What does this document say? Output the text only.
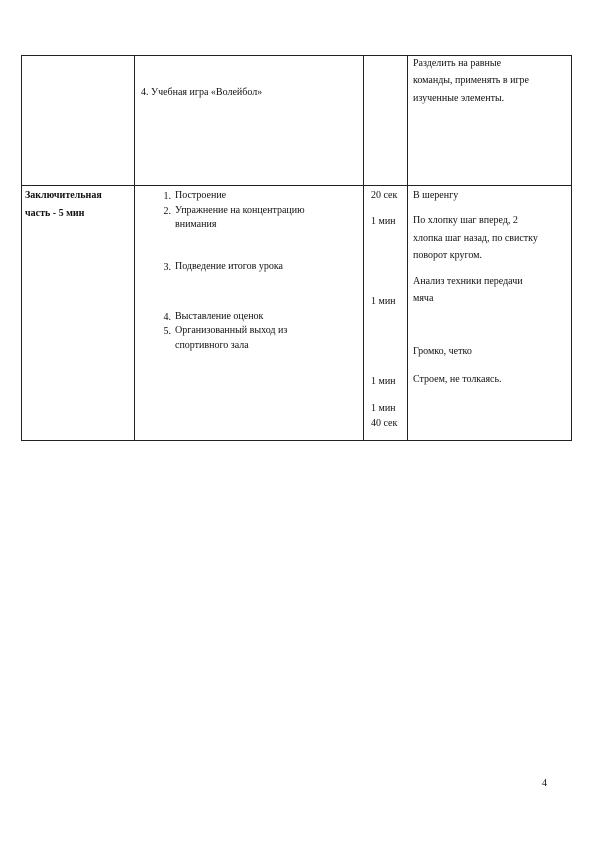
4. Учебная игра «Волейбол»
Разделить на равные
команды, применять в игре
изученные элементы.
Заключительная
часть - 5 мин
1. Построение
2. Упражнение на концентрацию
внимания
3. Подведение итогов урока
4. Выставление оценок
5. Организованный выход из
спортивного зала
20 сек
1 мин
1 мин
1 мин
1 мин
40 сек
В шеренгу
По хлопку шаг вперед, 2
хлопка шаг назад, по свистку
поворот кругом.
Анализ техники передачи
мяча
Громко, четко
Строем, не толкаясь.
4
